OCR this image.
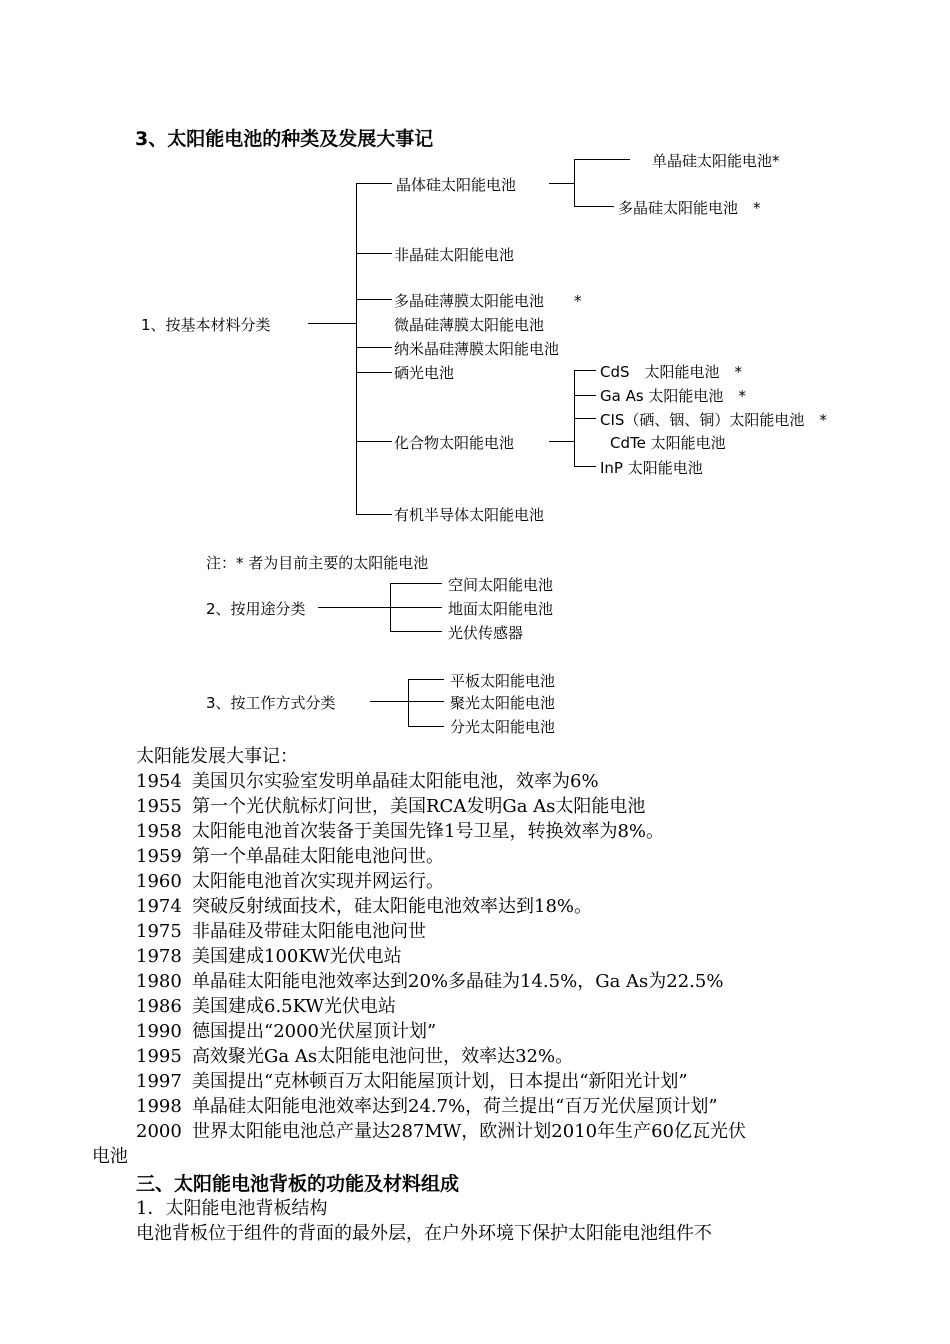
3、太阳能电池的种类及发展大事记
1、按基本材料分类
晶体硅太阳能电池
单晶硅太阳能电池*
多晶硅太阳能电池　*
非晶硅太阳能电池
多晶硅薄膜太阳能电池　　*
微晶硅薄膜太阳能电池
纳米晶硅薄膜太阳能电池
硒光电池
化合物太阳能电池
CdS　太阳能电池　*
Ga As 太阳能电池　*
CIS（硒、铟、铜）太阳能电池　*
CdTe 太阳能电池
InP 太阳能电池
有机半导体太阳能电池
注：* 者为目前主要的太阳能电池
2、按用途分类
空间太阳能电池
地面太阳能电池
光伏传感器
3、按工作方式分类
平板太阳能电池
聚光太阳能电池
分光太阳能电池
太阳能发展大事记：
1954 美国贝尔实验室发明单晶硅太阳能电池，效率为6%
1955 第一个光伏航标灯问世，美国RCA发明Ga As太阳能电池
1958 太阳能电池首次装备于美国先锋1号卫星，转换效率为8%。
1959 第一个单晶硅太阳能电池问世。
1960 太阳能电池首次实现并网运行。
1974 突破反射绒面技术，硅太阳能电池效率达到18%。
1975 非晶硅及带硅太阳能电池问世
1978 美国建成100KW光伏电站
1980 单晶硅太阳能电池效率达到20%多晶硅为14.5%，Ga As为22.5%
1986 美国建成6.5KW光伏电站
1990 德国提出“2000光伏屋顶计划”
1995 高效聚光Ga As太阳能电池问世，效率达32%。
1997 美国提出“克林顿百万太阳能屋顶计划，日本提出“新阳光计划”
1998 单晶硅太阳能电池效率达到24.7%，荷兰提出“百万光伏屋顶计划”
2000 世界太阳能电池总产量达287MW，欧洲计划2010年生产60亿瓦光伏
电池
三、太阳能电池背板的功能及材料组成
1．太阳能电池背板结构
电池背板位于组件的背面的最外层，在户外环境下保护太阳能电池组件不
